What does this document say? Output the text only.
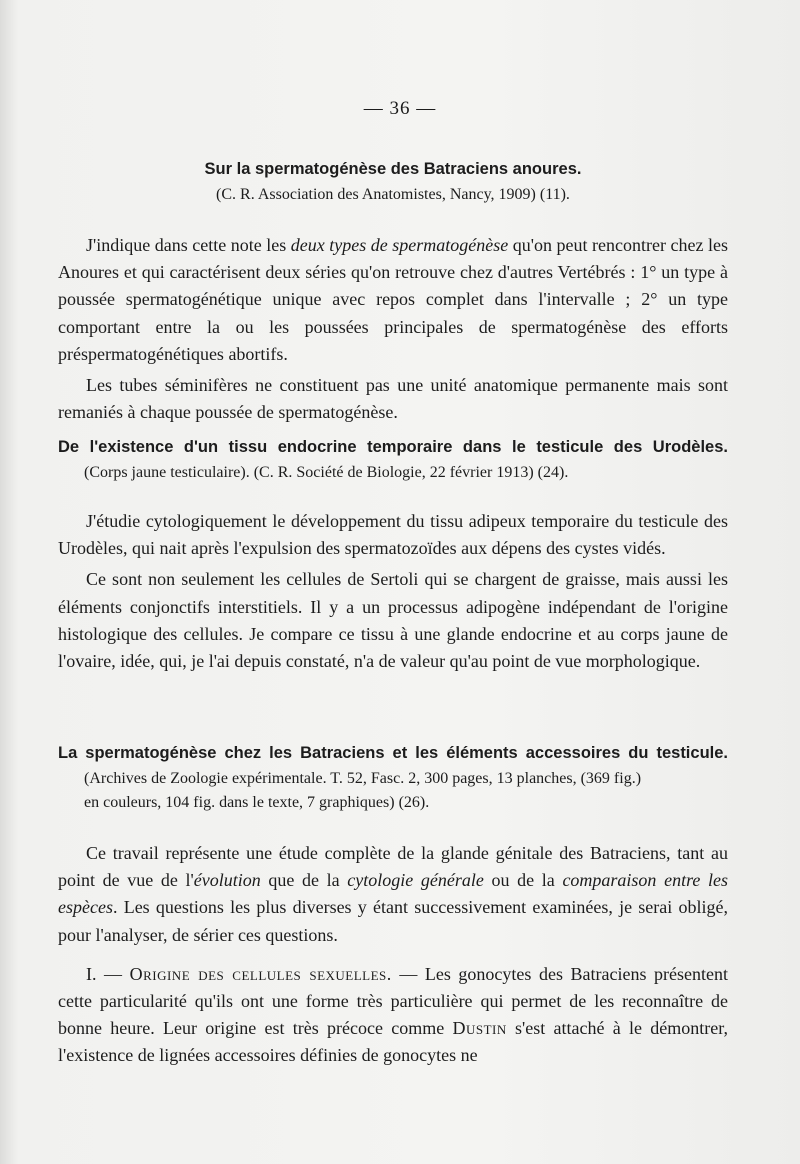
— 36 —
Sur la spermatogénèse des Batraciens anoures.
(C. R. Association des Anatomistes, Nancy, 1909) (11).

J'indique dans cette note les deux types de spermatogénèse qu'on peut rencontrer chez les Anoures et qui caractérisent deux séries qu'on retrouve chez d'autres Vertébrés : 1° un type à poussée spermatogénétique unique avec repos complet dans l'intervalle ; 2° un type comportant entre la ou les poussées principales de spermatogénèse des efforts préspermatogénétiques abortifs.

Les tubes séminifères ne constituent pas une unité anatomique permanente mais sont remaniés à chaque poussée de spermatogénèse.

De l'existence d'un tissu endocrine temporaire dans le testicule des Urodèles.
(Corps jaune testiculaire). (C. R. Société de Biologie, 22 février 1913) (24).

J'étudie cytologiquement le développement du tissu adipeux temporaire du testicule des Urodèles, qui nait après l'expulsion des spermatozoïdes aux dépens des cystes vidés.

Ce sont non seulement les cellules de Sertoli qui se chargent de graisse, mais aussi les éléments conjonctifs interstitiels. Il y a un processus adipogène indépendant de l'origine histologique des cellules. Je compare ce tissu à une glande endocrine et au corps jaune de l'ovaire, idée, qui, je l'ai depuis constaté, n'a de valeur qu'au point de vue morphologique.

La spermatogénèse chez les Batraciens et les éléments accessoires du testicule.
(Archives de Zoologie expérimentale. T. 52, Fasc. 2, 300 pages, 13 planches, (369 fig.)
en couleurs, 104 fig. dans le texte, 7 graphiques) (26).

Ce travail représente une étude complète de la glande génitale des Batraciens, tant au point de vue de l'évolution que de la cytologie générale ou de la comparaison entre les espèces. Les questions les plus diverses y étant successivement examinées, je serai obligé, pour l'analyser, de sérier ces questions.

I. — Origine des cellules sexuelles. — Les gonocytes des Batraciens présentent cette particularité qu'ils ont une forme très particulière qui permet de les reconnaître de bonne heure. Leur origine est très précoce comme Dustin s'est attaché à le démontrer, l'existence de lignées accessoires définies de gonocytes ne
